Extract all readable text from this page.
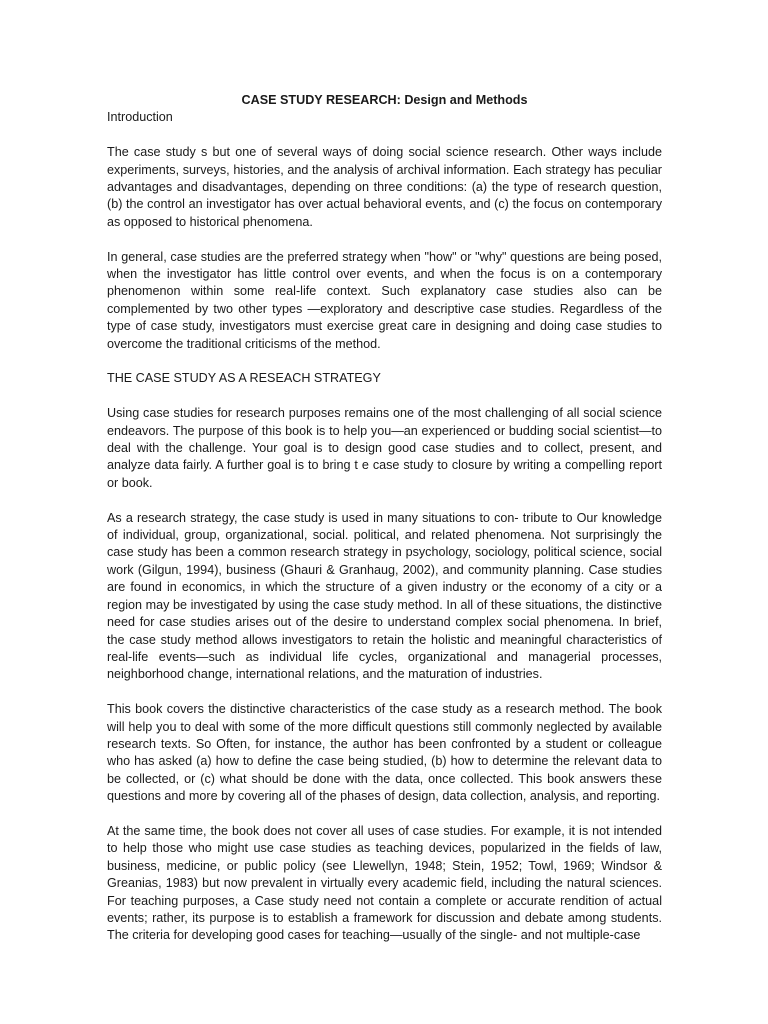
CASE STUDY RESEARCH: Design and Methods

Introduction

The case study s but one of several ways of doing social science research. Other ways include experiments, surveys, histories, and the analysis of archival information. Each strategy has peculiar advantages and disadvantages, depending on three conditions: (a) the type of research question, (b) the control an investigator has over actual behavioral events, and (c) the focus on contemporary as opposed to historical phenomena.

In general, case studies are the preferred strategy when "how" or "why" questions are being posed, when the investigator has little control over events, and when the focus is on a contemporary phenomenon within some real-life context. Such explanatory case studies also can be complemented by two other types —exploratory and descriptive case studies. Regardless of the type of case study, investigators must exercise great care in designing and doing case studies to overcome the traditional criticisms of the method.

THE CASE STUDY AS A RESEACH STRATEGY

Using case studies for research purposes remains one of the most challenging of all social science endeavors. The purpose of this book is to help you—an experienced or budding social scientist—to deal with the challenge. Your goal is to design good case studies and to collect, present, and analyze data fairly. A further goal is to bring t e case study to closure by writing a compelling report or book.

As a research strategy, the case study is used in many situations to con- tribute to Our knowledge of individual, group, organizational, social. political, and related phenomena. Not surprisingly the case study has been a common research strategy in psychology, sociology, political science, social work (Gilgun, 1994), business (Ghauri & Granhaug, 2002), and community planning. Case studies are found in economics, in which the structure of a given industry or the economy of a city or a region may be investigated by using the case study method. In all of these situations, the distinctive need for case studies arises out of the desire to understand complex social phenomena. In brief, the case study method allows investigators to retain the holistic and meaningful characteristics of real-life events—such as individual life cycles, organizational and managerial processes, neighborhood change, international relations, and the maturation of industries.

This book covers the distinctive characteristics of the case study as a research method. The book will help you to deal with some of the more difficult questions still commonly neglected by available research texts. So Often, for instance, the author has been confronted by a student or colleague who has asked (a) how to define the case being studied, (b) how to determine the relevant data to be collected, or (c) what should be done with the data, once collected. This book answers these questions and more by covering all of the phases of design, data collection, analysis, and reporting.

At the same time, the book does not cover all uses of case studies. For example, it is not intended to help those who might use case studies as teaching devices, popularized in the fields of law, business, medicine, or public policy (see Llewellyn, 1948; Stein, 1952; Towl, 1969; Windsor & Greanias, 1983) but now prevalent in virtually every academic field, including the natural sciences. For teaching purposes, a Case study need not contain a complete or accurate rendition of actual events; rather, its purpose is to establish a framework for discussion and debate among students. The criteria for developing good cases for teaching—usually of the single- and not multiple-case
